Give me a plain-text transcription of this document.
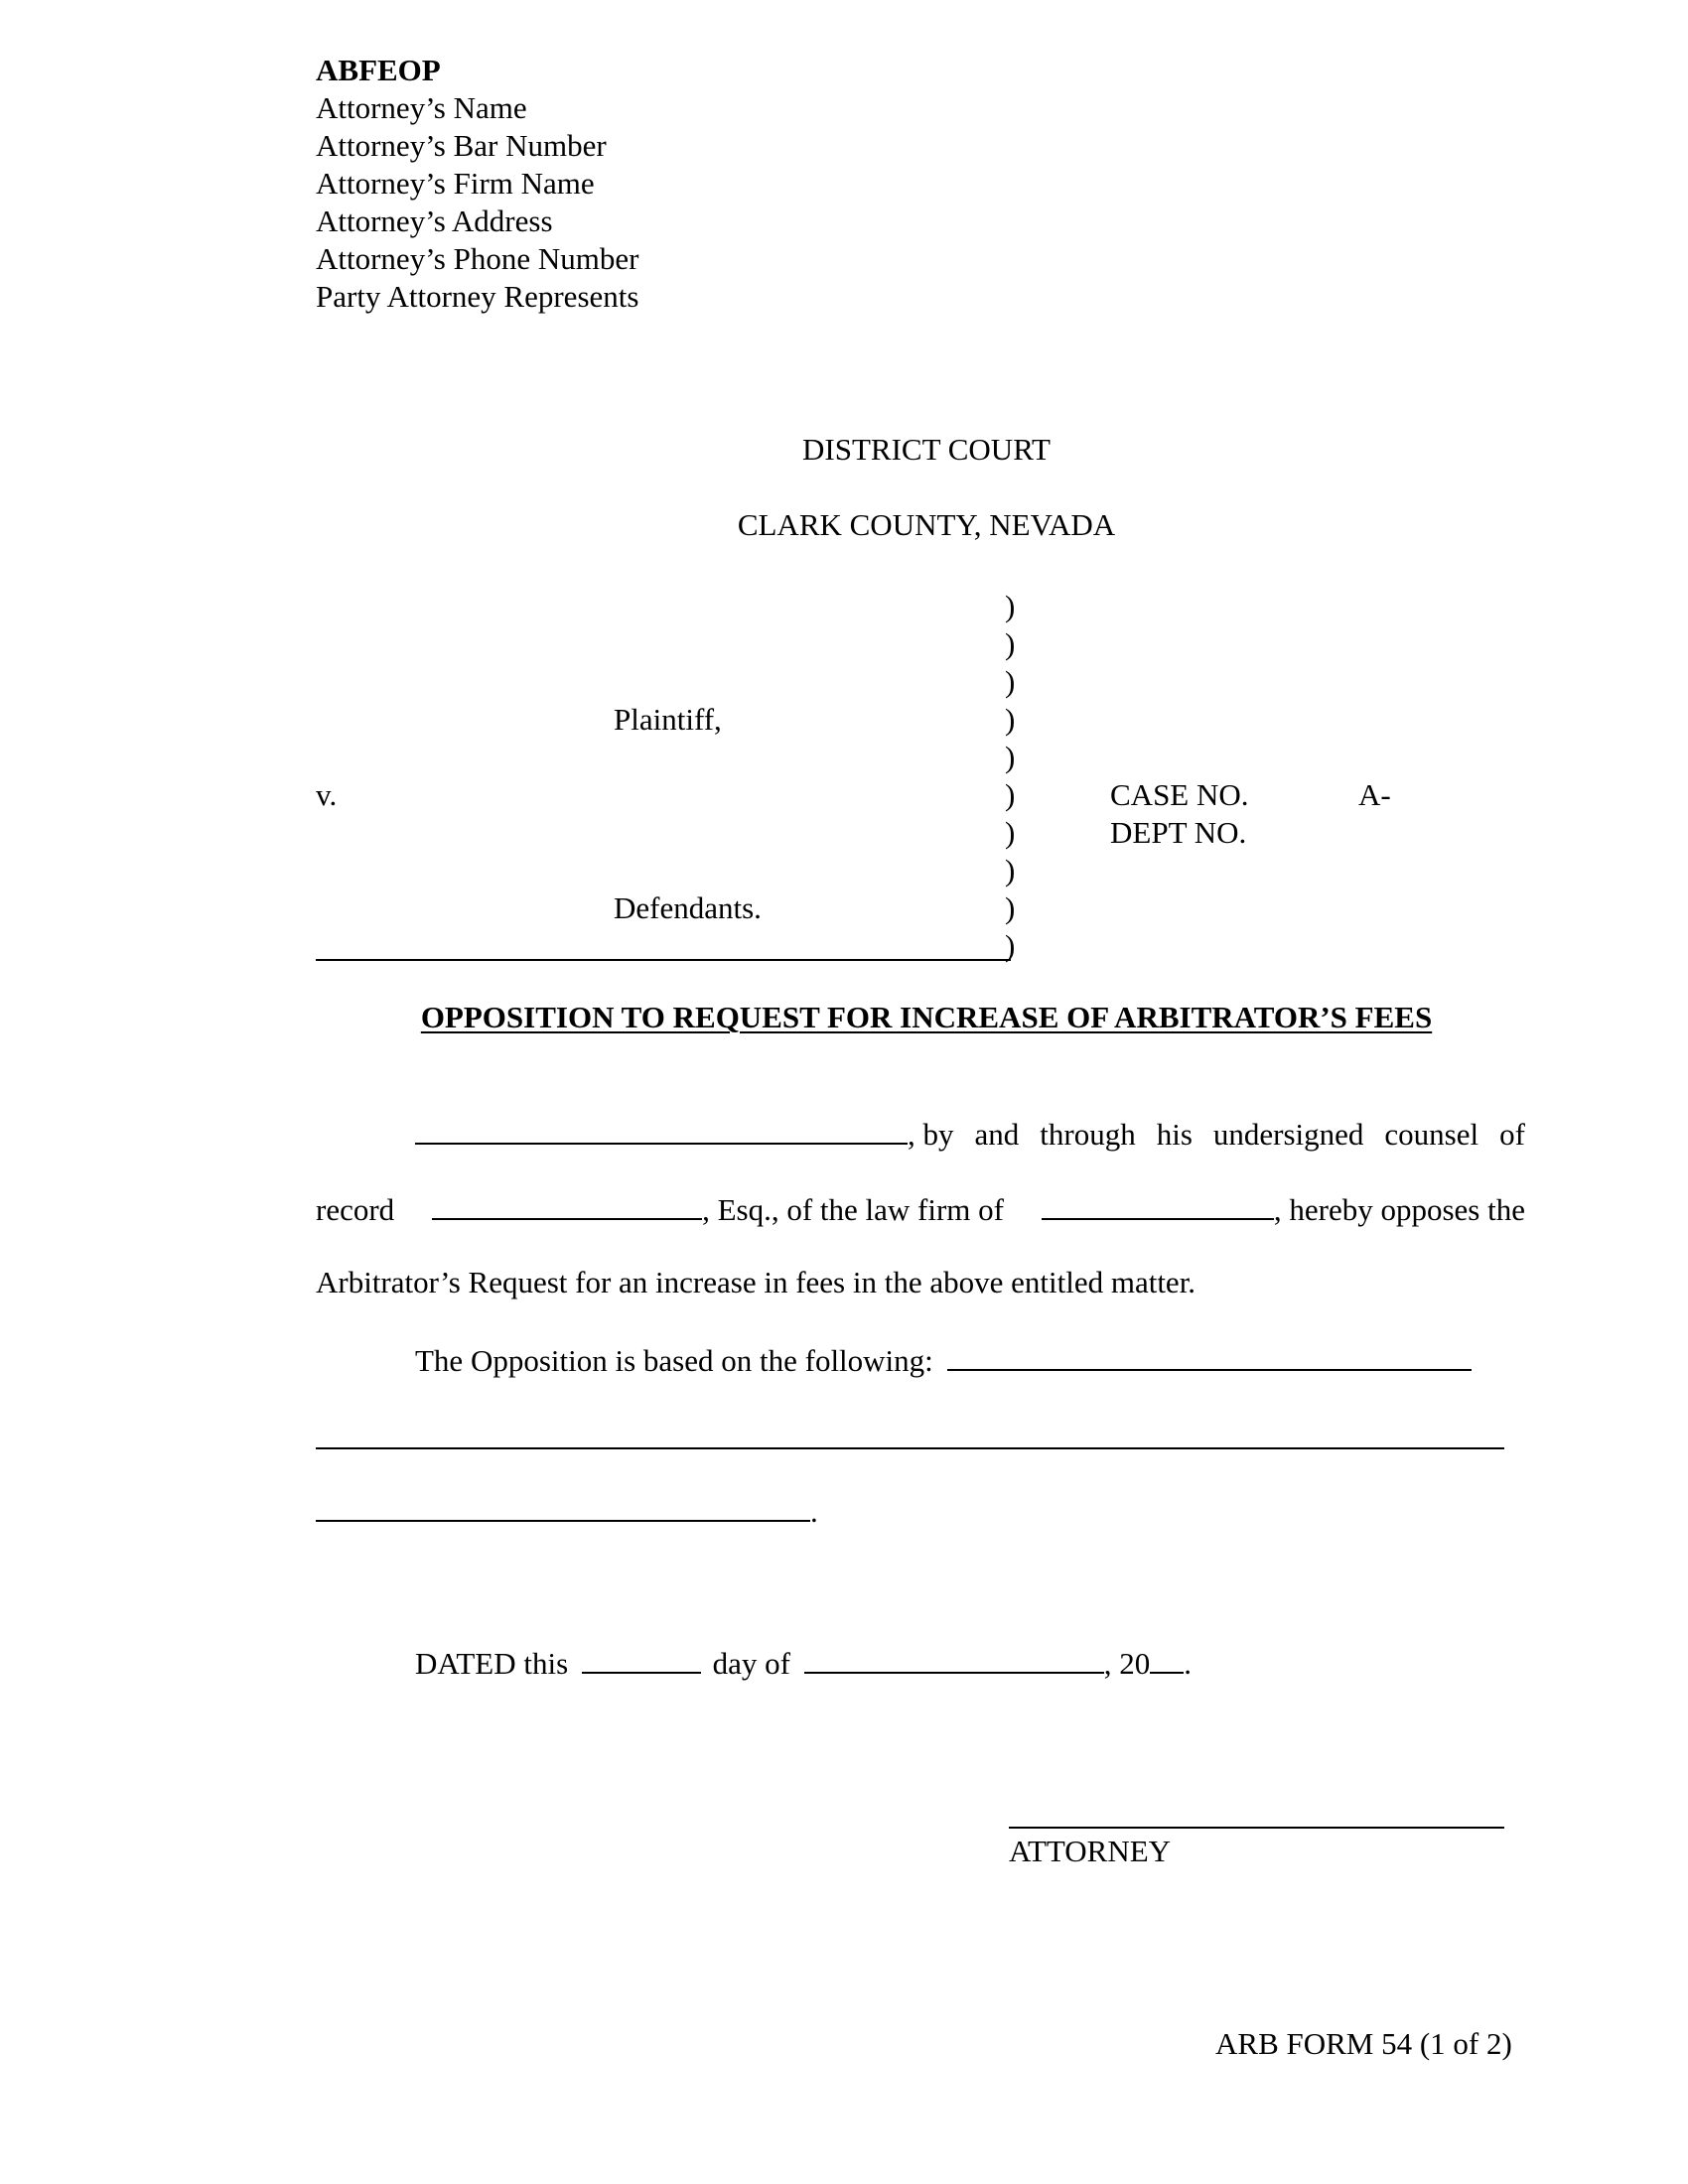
ABFEOP
Attorney’s Name
Attorney’s Bar Number
Attorney’s Firm Name
Attorney’s Address
Attorney’s Phone Number
Party Attorney Represents
DISTRICT COURT
CLARK COUNTY, NEVADA
)
)
)
)
)
)
)
)
)
)
Plaintiff,
v.
Defendants.
CASE NO.	A-
DEPT NO.
OPPOSITION TO REQUEST FOR INCREASE OF ARBITRATOR’S FEES
, by and through his undersigned counsel of
record	, Esq., of the law firm of	, hereby opposes the
Arbitrator’s Request for an increase in fees in the above entitled matter.
The Opposition is based on the following:
.
DATED this	day of	, 20 .
ATTORNEY
ARB FORM 54 (1 of 2)
